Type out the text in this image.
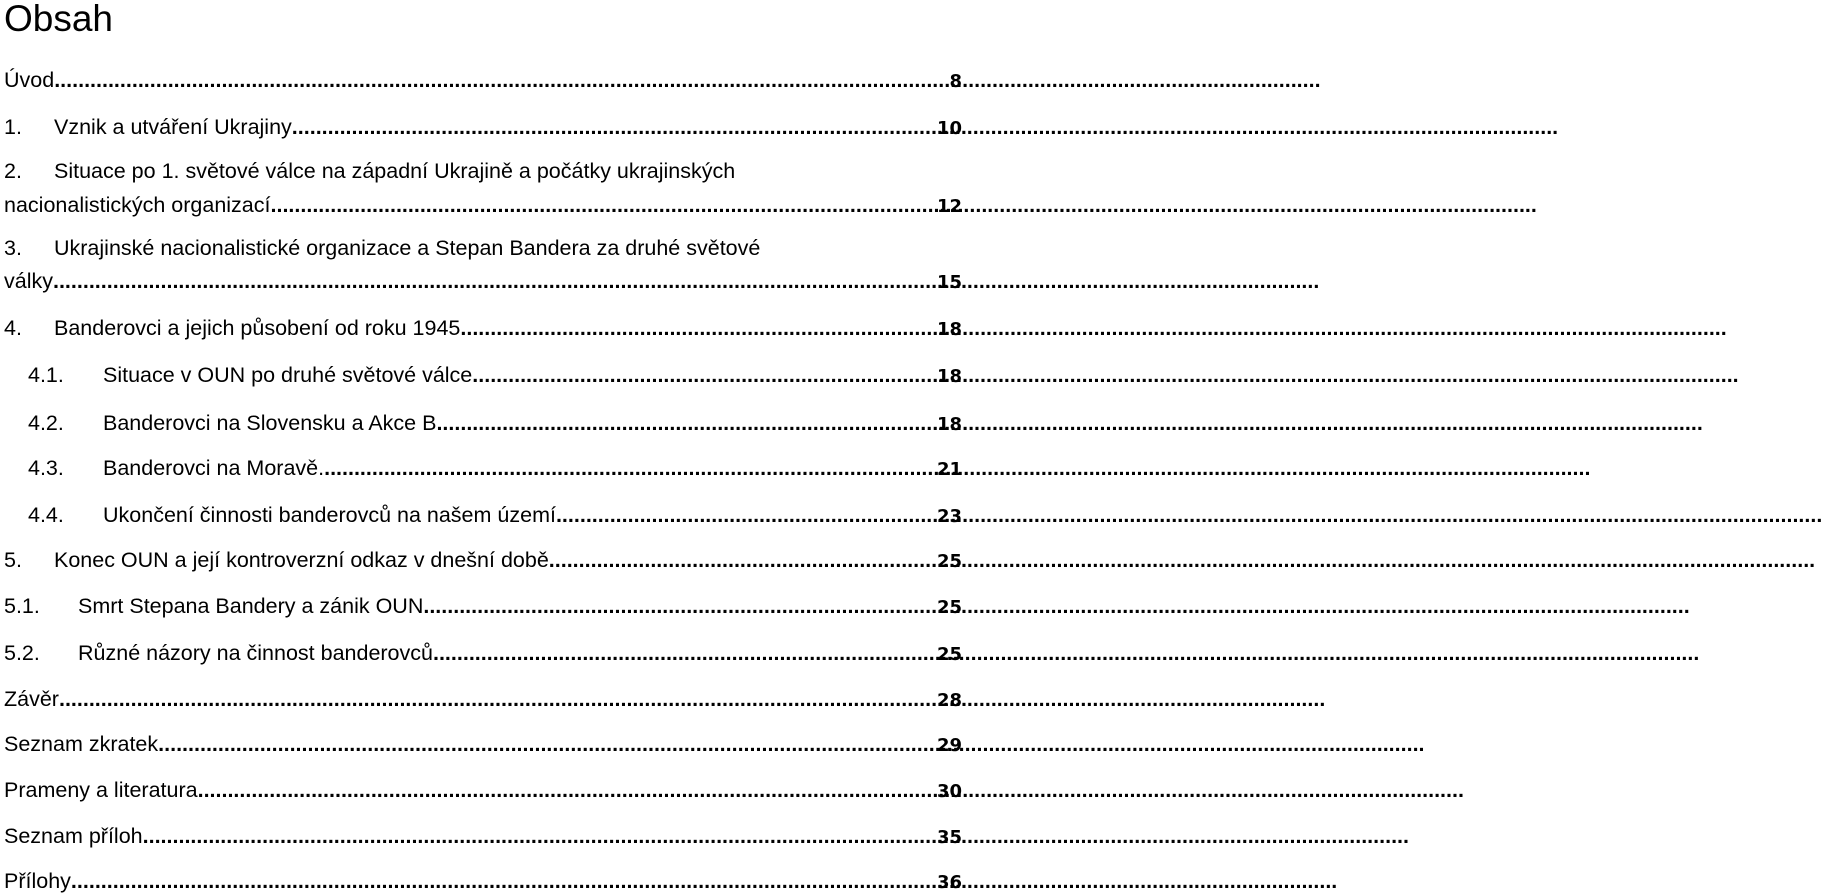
Obsah
Úvod .....	8
1.	Vznik a utváření Ukrajiny .....	10
2. Situace po 1. světové válce na západní Ukrajině a počátky ukrajinských
nacionalistických organizací .....	12
3. Ukrajinské nacionalistické organizace a Stepan Bandera za druhé světové
války .....	15
4.	Banderovci a jejich působení od roku 1945 .....	18
4.1.	Situace v OUN po druhé světové válce .....	18
4.2.	Banderovci na Slovensku a Akce B .....	18
4.3.	Banderovci na Moravě. .....	21
4.4.	Ukončení činnosti banderovců na našem území .....	23
5.	Konec OUN a její kontroverzní odkaz v dnešní době .....	25
5.1.	Smrt Stepana Bandery a zánik OUN .....	25
5.2.	Různé názory na činnost banderovců .....	25
Závěr .....	28
Seznam zkratek .....	29
Prameny a literatura .....	30
Seznam příloh .....	35
Přílohy .....	36
